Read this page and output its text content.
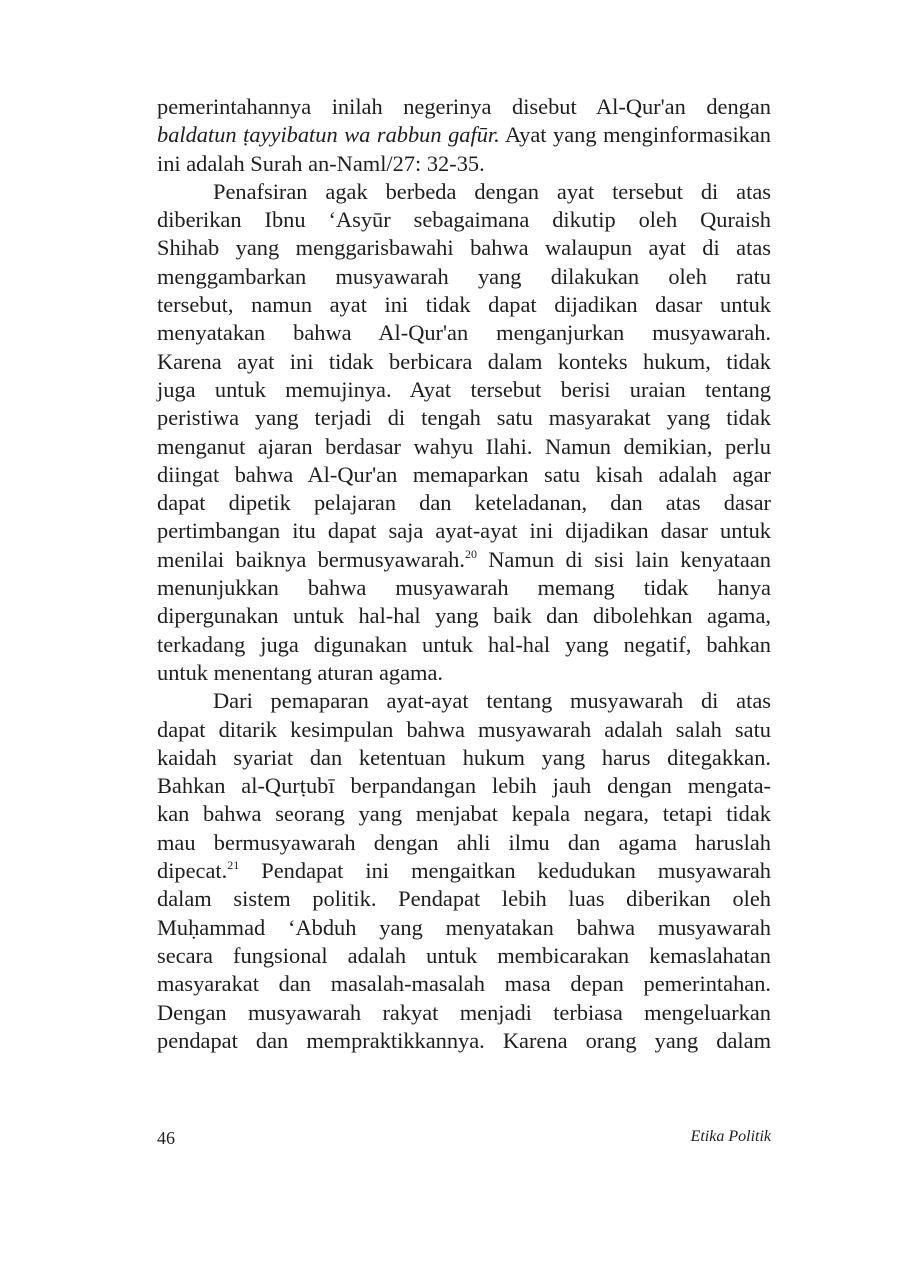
pemerintahannya inilah negerinya disebut Al-Qur'an dengan
baldatun ṭayyibatun wa rabbun gafūr. Ayat yang menginformasikan
ini adalah Surah an-Naml/27: 32-35.

Penafsiran agak berbeda dengan ayat tersebut di atas
diberikan Ibnu ‘Asyūr sebagaimana dikutip oleh Quraish
Shihab yang menggarisbawahi bahwa walaupun ayat di atas
menggambarkan musyawarah yang dilakukan oleh ratu
tersebut, namun ayat ini tidak dapat dijadikan dasar untuk
menyatakan bahwa Al-Qur'an menganjurkan musyawarah.
Karena ayat ini tidak berbicara dalam konteks hukum, tidak
juga untuk memujinya. Ayat tersebut berisi uraian tentang
peristiwa yang terjadi di tengah satu masyarakat yang tidak
menganut ajaran berdasar wahyu Ilahi. Namun demikian, perlu
diingat bahwa Al-Qur'an memaparkan satu kisah adalah agar
dapat dipetik pelajaran dan keteladanan, dan atas dasar
pertimbangan itu dapat saja ayat-ayat ini dijadikan dasar untuk
menilai baiknya bermusyawarah.$^{20}$ Namun di sisi lain kenyataan
menunjukkan bahwa musyawarah memang tidak hanya
dipergunakan untuk hal-hal yang baik dan dibolehkan agama,
terkadang juga digunakan untuk hal-hal yang negatif, bahkan
untuk menentang aturan agama.

Dari pemaparan ayat-ayat tentang musyawarah di atas
dapat ditarik kesimpulan bahwa musyawarah adalah salah satu
kaidah syariat dan ketentuan hukum yang harus ditegakkan.
Bahkan al-Qurṭubī berpandangan lebih jauh dengan mengata-
kan bahwa seorang yang menjabat kepala negara, tetapi tidak
mau bermusyawarah dengan ahli ilmu dan agama haruslah
dipecat.$^{21}$ Pendapat ini mengaitkan kedudukan musyawarah
dalam sistem politik. Pendapat lebih luas diberikan oleh
Muḥammad ‘Abduh yang menyatakan bahwa musyawarah
secara fungsional adalah untuk membicarakan kemaslahatan
masyarakat dan masalah-masalah masa depan pemerintahan.
Dengan musyawarah rakyat menjadi terbiasa mengeluarkan
pendapat dan mempraktikkannya. Karena orang yang dalam

46	Etika Politik
